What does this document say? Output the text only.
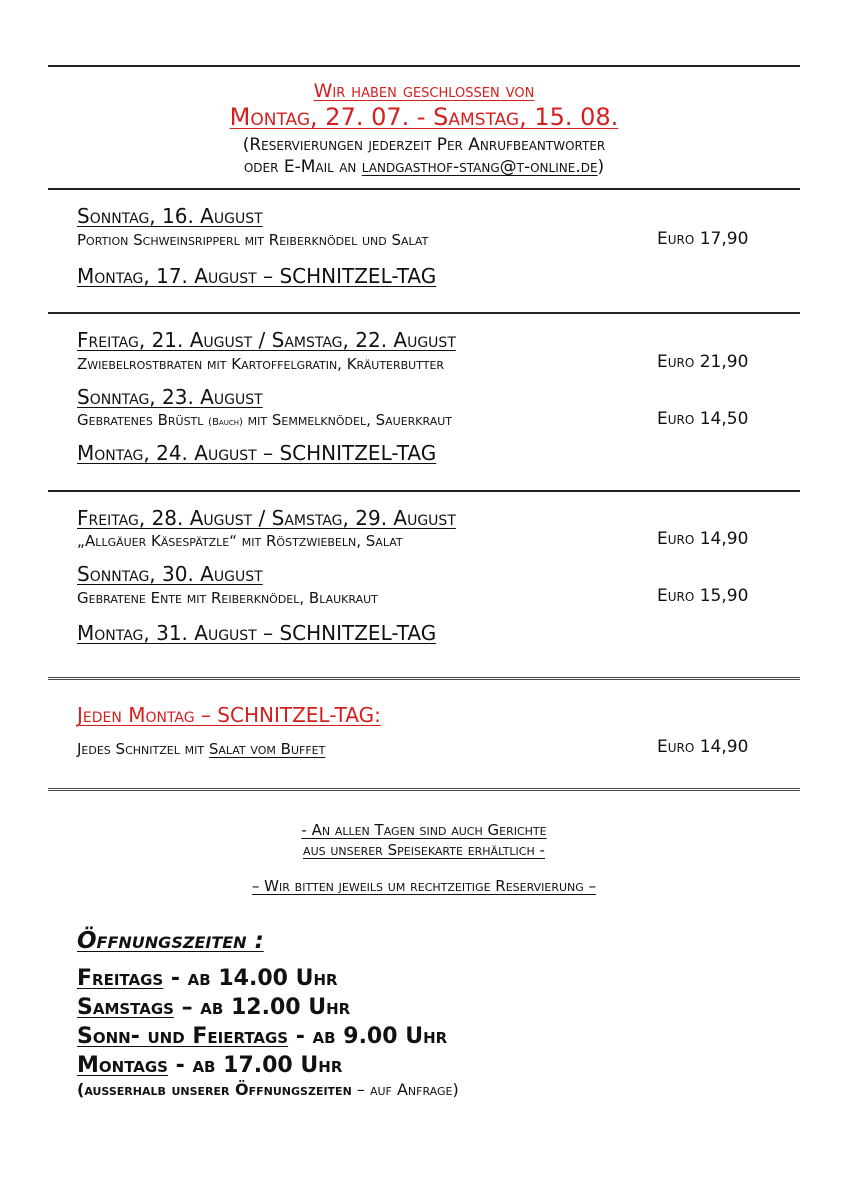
Wir haben geschlossen von
Montag, 27. 07. - Samstag, 15. 08.
(Reservierungen jederzeit Per Anrufbeantworter
oder E-Mail an landgasthof-stang@t-online.de)
Sonntag, 16. August
Portion Schweinsripperl mit Reiberknödel und Salat	Euro 17,90
Montag, 17. August – SCHNITZEL-TAG
Freitag, 21. August / Samstag, 22. August
Zwiebelrostbraten mit Kartoffelgratin, Kräuterbutter	Euro 21,90
Sonntag, 23. August
Gebratenes Brüstl (Bauch) mit Semmelknödel, Sauerkraut	Euro 14,50
Montag, 24. August – SCHNITZEL-TAG
Freitag, 28. August / Samstag, 29. August
„Allgäuer Käsespätzle“ mit Röstzwiebeln, Salat	Euro 14,90
Sonntag, 30. August
Gebratene Ente mit Reiberknödel, Blaukraut	Euro 15,90
Montag, 31. August – SCHNITZEL-TAG
Jeden Montag – SCHNITZEL-TAG:
Jedes Schnitzel mit Salat vom Buffet	Euro 14,90
- An allen Tagen sind auch Gerichte
aus unserer Speisekarte erhältlich -
– Wir bitten jeweils um rechtzeitige Reservierung –
Öffnungszeiten :
Freitags - ab 14.00 Uhr
Samstags – ab 12.00 Uhr
Sonn- und Feiertags - ab 9.00 Uhr
Montags - ab 17.00 Uhr
(ausserhalb unserer Öffnungszeiten – auf Anfrage)
